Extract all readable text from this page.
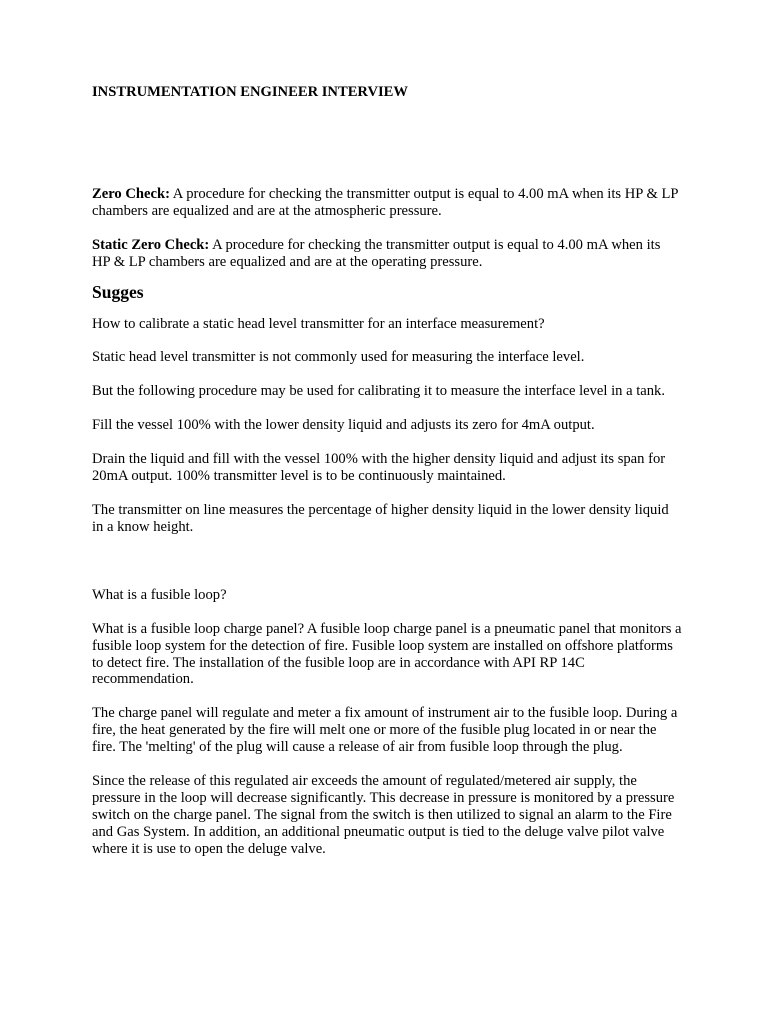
INSTRUMENTATION ENGINEER INTERVIEW

Zero Check: A procedure for checking the transmitter output is equal to 4.00 mA when its HP & LP chambers are equalized and are at the atmospheric pressure.

Static Zero Check: A procedure for checking the transmitter output is equal to 4.00 mA when its HP & LP chambers are equalized and are at the operating pressure.

Sugges

How to calibrate a static head level transmitter for an interface measurement?

Static head level transmitter is not commonly used for measuring the interface level.

But the following procedure may be used for calibrating it to measure the interface level in a tank.

Fill the vessel 100% with the lower density liquid and adjusts its zero for 4mA output.

Drain the liquid and fill with the vessel 100% with the higher density liquid and adjust its span for 20mA output. 100% transmitter level is to be continuously maintained.

The transmitter on line measures the percentage of higher density liquid in the lower density liquid in a know height.

What is a fusible loop?

What is a fusible loop charge panel? A fusible loop charge panel is a pneumatic panel that monitors a fusible loop system for the detection of fire. Fusible loop system are installed on offshore platforms to detect fire. The installation of the fusible loop are in accordance with API RP 14C recommendation.

The charge panel will regulate and meter a fix amount of instrument air to the fusible loop. During a fire, the heat generated by the fire will melt one or more of the fusible plug located in or near the fire. The 'melting' of the plug will cause a release of air from fusible loop through the plug.

Since the release of this regulated air exceeds the amount of regulated/metered air supply, the pressure in the loop will decrease significantly. This decrease in pressure is monitored by a pressure switch on the charge panel. The signal from the switch is then utilized to signal an alarm to the Fire and Gas System. In addition, an additional pneumatic output is tied to the deluge valve pilot valve where it is use to open the deluge valve.
